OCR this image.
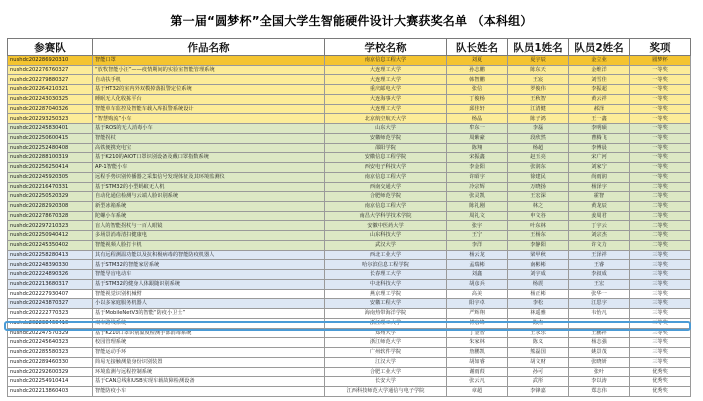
第一届“圆梦杯”全国大学生智能硬件设计大赛获奖名单 （本科组）
参赛队	作品名称	学校名称	队长姓名	队员1姓名	队员2姓名	奖项
nushdc202286920310	智能口罩	南京信息工程大学	刘夏	夏宇辰	金立业	圆梦杯
nushdc202276760327	“放牧智能小汪”——疫情期间的实验室智能管理系统	大连理工大学	孙志鹏	陈东天	金维洋	一等奖
nushdc202279880327	自动扶手机	大连理工大学	韩智鹏	王宸	刘雪佳	一等奖
nushdc202264210321	基于HT32的室内外双模掉落报警定位系统	重庆邮电大学	张信	罗俊伟	李振超	一等奖
nushdc202243030325	睡眠无人化收拣平台	大连海事大学	丁俊杨	王秋智	黄云祥	一等奖
nushdc202287040326	智能单车监控及智能车载入库报警系统设计	大连理工大学	邱佳轩	江清健	郝泽	一等奖
nushdc202293250323	“智慧购流”小车	北京航空航天大学	杨晶	陈子鸿	王一鑫	一等奖
nushdc202245830401	基于ROS的无人消毒小车	山东大学	牟东一	李磊	李明硕	一等奖
nushdc202250600415	智能拐杖	安徽师范学院	周紫豪	段欣然	曹腾飞	一等奖
nushdc202252480408	高铁便携充电宝	邵阳学院	陈翔	杨超	李傅晨	一等奖
nushdc202288100319	基于K210的AIOT口罩识别设备及戴口罩指数系统	安徽信息工程学院	宋振鑫	赵玉亮	宋广河	一等奖
nushdc202256250414	AP-1智能小车	西安电子科技大学	李金阳	张润东	刘家宁	一等奖
nushdc202245920305	远程手势识别传播器之采集信号发现体征及其环境监测仪	南京信息工程大学	许昭宇	徐建民	尚雨润	一等奖
nushdc202216470331	基于STM32的小型蚂蚁无人机	西南交通大学	冷宗辉	万晓扬	杨泽宇	二等奖
nushdc202250520329	自动化通信检测与云端人脸识别系统	合肥师范学院	张灵凯	王宏深	霍智	二等奖
nushdc202282920308	新型冰箱系统	南京信息工程大学	陈礼刚	林之	黄龙辰	二等奖
nushdc202278670328	陀螺小车系统	南昌大学科学技术学院	周礼文	申文谷	姜周君	二等奖
nushdc202297210323	盲人的智能拐杖与一百人眼镜	安徽中医药大学	张宇	叶东林	丁宇云	二等奖
nushdc202250940412	多场景消毒清扫健康电	山东科技大学	王宁	王杨东	刘宗杰	二等奖
nushdc202245350402	智能视频人脸打卡机	武汉大学	李洋	李静阳	许文力	二等奖
nushdc202258280413	其有远程测温功能以及抗积极病毒的智能防疫机器人	西北工业大学	杨云龙	梁甲秋	王泽祥	三等奖
nushdc202248390330	基于STM32的智能家居系统	哈尔滨信息工程学院	孟瑞彬	南彬彬	王睿	三等奖
nushdc202224890326	智能导盲电动车	长春理工大学	刘鑫	刘宇成	李叔成	三等奖
nushdc202213680317	基于STM32的健身人体跟随识别系统	中北科技大学	胡彦兵	杨震	王宏	三等奖
nushdc202227930407	智能视觉识别机械臂	燕京理工学院	高美	杨正彬	张华一	三等奖
nushdc202243870327	小以多家庭服务机器人	安徽工程大学	阳宇卓	李松	江思宇	三等奖
nushdc202222770323	基于MobileNetV3的智能“防疫小卫士”	海南热带海洋学院	严辉翔	林遥雅	韦怡凡	三等奖
nushdc202238460410	双车路线系统	浙江理工大学	傅宏峰	陈杰		三等奖
nushdc202247570329	基于K210口罩识别温度检测手部消毒系统	郑州大学	丁金智	王永乐	王鹏祥	三等奖
nushdc202245640323	校园管理系统	浙江师范大学	朱家林	陈义	杨志强	三等奖
nushdc202285580323	智能运动手环	广州软件学院	詹鹏凯	熊磊国	姚景茂	三等奖
nushdc202289460330	简易无接触测量身份识别装置	江汉大学	胡如睿	胡文财	张晓妍	三等奖
nushdc202292600329	环境监测与远程控制系统	合肥工业大学	谢雨葭	孙可	张叶	优秀奖
nushdc202254910414	基于CAN总线和USB实现车载故障检测设备	长安大学	张云凡	武彤	李以涛	优秀奖
nushdc202213860403	智能防疫小车	江西科技师范大学通信与电子学院	章超	李锋嘉	郑志伟	优秀奖
